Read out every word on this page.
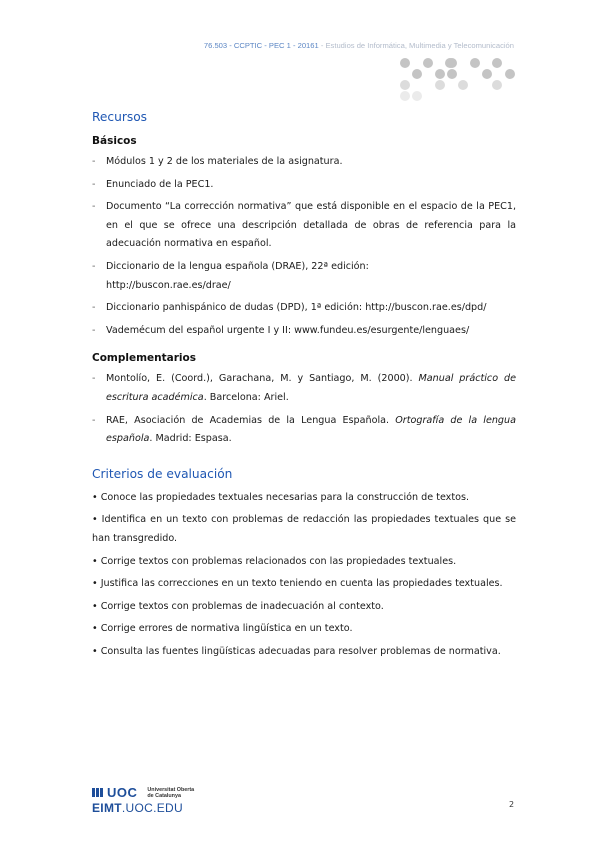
76.503 - CCPTIC - PEC 1 - 20161 - Estudios de Informática, Multimedia y Telecomunicación
Recursos
Básicos
- Módulos 1 y 2 de los materiales de la asignatura.
- Enunciado de la PEC1.
- Documento “La corrección normativa” que está disponible en el espacio de la PEC1, en el que se ofrece una descripción detallada de obras de referencia para la adecuación normativa en español.
- Diccionario de la lengua española (DRAE), 22ª edición: http://buscon.rae.es/drae/
- Diccionario panhispánico de dudas (DPD), 1ª edición: http://buscon.rae.es/dpd/
- Vademécum del español urgente I y II: www.fundeu.es/esurgente/lenguaes/
Complementarios
- Montolío, E. (Coord.), Garachana, M. y Santiago, M. (2000). Manual práctico de escritura académica. Barcelona: Ariel.
- RAE, Asociación de Academias de la Lengua Española. Ortografía de la lengua española. Madrid: Espasa.
Criterios de evaluación
• Conoce las propiedades textuales necesarias para la construcción de textos.
• Identifica en un texto con problemas de redacción las propiedades textuales que se han transgredido.
• Corrige textos con problemas relacionados con las propiedades textuales.
• Justifica las correcciones en un texto teniendo en cuenta las propiedades textuales.
• Corrige textos con problemas de inadecuación al contexto.
• Corrige errores de normativa lingüística en un texto.
• Consulta las fuentes lingüísticas adecuadas para resolver problemas de normativa.
UOC Universitat Oberta
de Catalunya
EIMT.UOC.EDU	2
